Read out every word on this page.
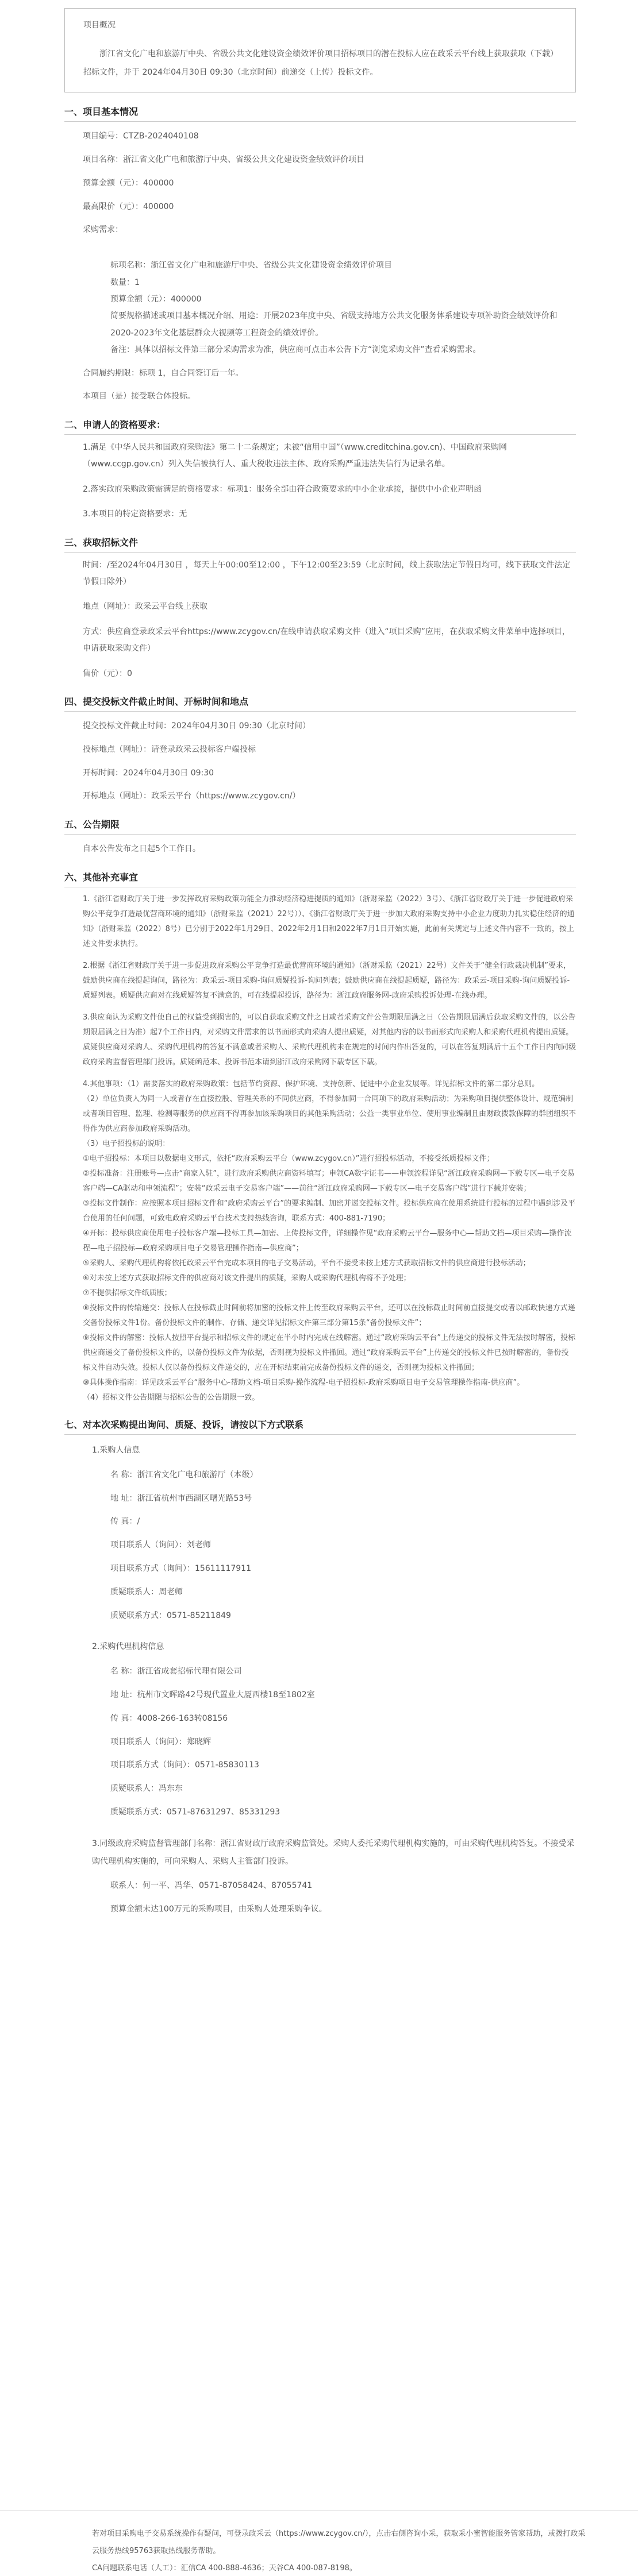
项目概况
浙江省文化广电和旅游厅中央、省级公共文化建设资金绩效评价项目招标项目的潜在投标人应在政采云平台线上获取获取（下载）招标文件，并于 2024年04月30日 09:30（北京时间）前递交（上传）投标文件。
一、项目基本情况
项目编号：CTZB-2024040108
项目名称：浙江省文化广电和旅游厅中央、省级公共文化建设资金绩效评价项目
预算金额（元）：400000
最高限价（元）：400000
采购需求：
标项名称：浙江省文化广电和旅游厅中央、省级公共文化建设资金绩效评价项目
数量：1
预算金额（元）：400000
简要规格描述或项目基本概况介绍、用途：开展2023年度中央、省级支持地方公共文化服务体系建设专项补助资金绩效评价和2020-2023年文化基层群众大视频等工程资金的绩效评价。
备注：具体以招标文件第三部分采购需求为准，供应商可点击本公告下方“浏览采购文件”查看采购需求。
合同履约期限：标项 1，自合同签订后一年。
本项目（是）接受联合体投标。
二、申请人的资格要求：
1.满足《中华人民共和国政府采购法》第二十二条规定；未被“信用中国”（www.creditchina.gov.cn)、中国政府采购网（www.ccgp.gov.cn）列入失信被执行人、重大税收违法主体、政府采购严重违法失信行为记录名单。
2.落实政府采购政策需满足的资格要求：标项1：服务全部由符合政策要求的中小企业承接，提供中小企业声明函
3.本项目的特定资格要求：无
三、获取招标文件
时间：/至2024年04月30日 ，每天上午00:00至12:00 ，下午12:00至23:59（北京时间，线上获取法定节假日均可，线下获取文件法定节假日除外）
地点（网址）：政采云平台线上获取
方式：供应商登录政采云平台https://www.zcygov.cn/在线申请获取采购文件（进入“项目采购”应用，在获取采购文件菜单中选择项目，申请获取采购文件）
售价（元）：0
四、提交投标文件截止时间、开标时间和地点
提交投标文件截止时间：2024年04月30日 09:30（北京时间）
投标地点（网址）：请登录政采云投标客户端投标
开标时间：2024年04月30日 09:30
开标地点（网址）：政采云平台（https://www.zcygov.cn/）
五、公告期限
自本公告发布之日起5个工作日。
六、其他补充事宜
1.《浙江省财政厅关于进一步发挥政府采购政策功能全力推动经济稳进提质的通知》（浙财采监（2022）3号）、《浙江省财政厅关于进一步促进政府采购公平竞争打造最优营商环境的通知》（浙财采监（2021）22号））、《浙江省财政厅关于进一步加大政府采购支持中小企业力度助力扎实稳住经济的通知》（浙财采监（2022）8号）已分别于2022年1月29日、2022年2月1日和2022年7月1日开始实施，此前有关规定与上述文件内容不一致的，按上述文件要求执行。
2.根据《浙江省财政厅关于进一步促进政府采购公平竞争打造最优营商环境的通知》（浙财采监（2021）22号）文件关于“健全行政裁决机制”要求，鼓励供应商在线提起询问，路径为：政采云-项目采购-询问质疑投诉-询问列表；鼓励供应商在线提起质疑，路径为：政采云-项目采购-询问质疑投诉-质疑列表。质疑供应商对在线质疑答复不满意的，可在线提起投诉，路径为：浙江政府服务网-政府采购投诉处理-在线办理。
3.供应商认为采购文件使自己的权益受到损害的，可以自获取采购文件之日或者采购文件公告期限届满之日（公告期限届满后获取采购文件的，以公告期限届满之日为准）起7个工作日内，对采购文件需求的以书面形式向采购人提出质疑，对其他内容的以书面形式向采购人和采购代理机构提出质疑。质疑供应商对采购人、采购代理机构的答复不满意或者采购人、采购代理机构未在规定的时间内作出答复的，可以在答复期满后十五个工作日内向同级政府采购监督管理部门投诉。质疑函范本、投诉书范本请到浙江政府采购网下载专区下载。
4.其他事项：（1）需要落实的政府采购政策：包括节约资源、保护环境、支持创新、促进中小企业发展等。详见招标文件的第二部分总则。
（2）单位负责人为同一人或者存在直接控股、管理关系的不同供应商，不得参加同一合同项下的政府采购活动；为采购项目提供整体设计、规范编制或者项目管理、监理、检测等服务的供应商不得再参加该采购项目的其他采购活动；公益一类事业单位、使用事业编制且由财政拨款保障的群团组织不得作为供应商参加政府采购活动。
（3）电子招投标的说明：
①电子招投标：本项目以数据电文形式，依托“政府采购云平台（www.zcygov.cn）”进行招投标活动，不接受纸质投标文件；
②投标准备：注册账号—点击“商家入驻”，进行政府采购供应商资料填写；申领CA数字证书——申领流程详见“浙江政府采购网—下载专区—电子交易客户端—CA驱动和申领流程”；安装“政采云电子交易客户端”——前往“浙江政府采购网—下载专区—电子交易客户端”进行下载并安装；
③投标文件制作：应按照本项目招标文件和“政府采购云平台”的要求编制、加密并递交投标文件。投标供应商在使用系统进行投标的过程中遇到涉及平台使用的任何问题，可致电政府采购云平台技术支持热线咨询，联系方式：400-881-7190；
④开标：投标供应商使用电子投标客户端—投标工具—加密、上传投标文件，详细操作见“政府采购云平台—服务中心—帮助文档—项目采购—操作流程—电子招投标—政府采购项目电子交易管理操作指南—供应商”；
⑤采购人、采购代理机构将依托政采云平台完成本项目的电子交易活动，平台不接受未按上述方式获取招标文件的供应商进行投标活动；
⑥对未按上述方式获取招标文件的供应商对该文件提出的质疑，采购人或采购代理机构将不予处理；
⑦不提供招标文件纸质版；
⑧投标文件的传输递交：投标人在投标截止时间前将加密的投标文件上传至政府采购云平台，还可以在投标截止时间前直接提交或者以邮政快递方式递交备份投标文件1份。备份投标文件的制作、存储、递交详见招标文件第三部分第15条“备份投标文件”；
⑨投标文件的解密：投标人按照平台提示和招标文件的规定在半小时内完成在线解密。通过“政府采购云平台”上传递交的投标文件无法按时解密，投标供应商递交了备份投标文件的，以备份投标文件为依据，否则视为投标文件撤回。通过“政府采购云平台”上传递交的投标文件已按时解密的，备份投标文件自动失效。投标人仅以备份投标文件递交的，应在开标结束前完成备份投标文件的递交，否则视为投标文件撤回；
⑩具体操作指南：详见政采云平台“服务中心-帮助文档-项目采购-操作流程-电子招投标-政府采购项目电子交易管理操作指南-供应商”。
（4）招标文件公告期限与招标公告的公告期限一致。
七、对本次采购提出询问、质疑、投诉，请按以下方式联系
1.采购人信息
名 称：浙江省文化广电和旅游厅（本级）
地 址：浙江省杭州市西湖区曙光路53号
传 真：/
项目联系人（询问）：刘老师
项目联系方式（询问）：15611117911
质疑联系人：周老师
质疑联系方式：0571-85211849
2.采购代理机构信息
名 称：浙江省成套招标代理有限公司
地 址：杭州市文晖路42号现代置业大厦西楼18至1802室
传 真：4008-266-163转08156
项目联系人（询问）：郑晓辉
项目联系方式（询问）：0571-85830113
质疑联系人：冯东东
质疑联系方式：0571-87631297、85331293
3.同级政府采购监督管理部门名称：浙江省财政厅政府采购监管处。采购人委托采购代理机构实施的，可由采购代理机构答复。不接受采购代理机构实施的，可向采购人、采购人主管部门投诉。
联系人：何一平、冯华、0571-87058424、87055741
预算金额未达100万元的采购项目，由采购人处理采购争议。
若对项目采购电子交易系统操作有疑问，可登录政采云（https://www.zcygov.cn/），点击右侧咨询小采，获取采小蜜智能服务管家帮助，或拨打政采云服务热线95763获取热线服务帮助。
CA问题联系电话（人工）：汇信CA 400-888-4636；天谷CA 400-087-8198。
